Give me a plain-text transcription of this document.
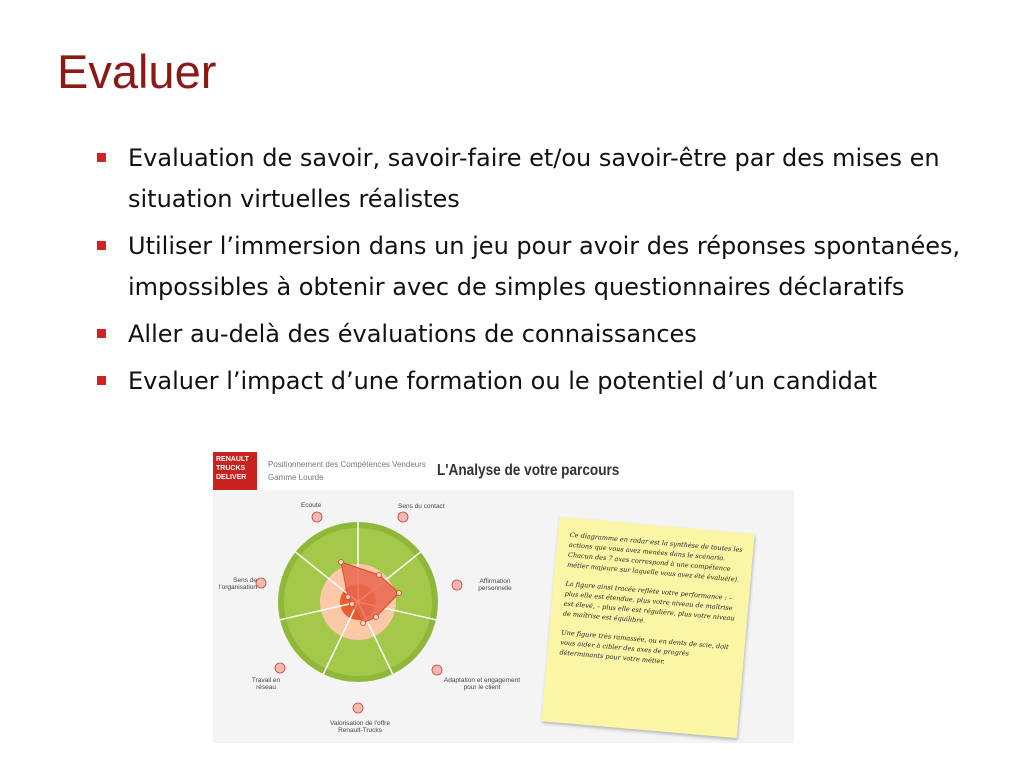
Evaluer
Evaluation de savoir, savoir-faire et/ou savoir-être par des mises en situation virtuelles réalistes
Utiliser l’immersion dans un jeu pour avoir des réponses spontanées, impossibles à obtenir avec de simples questionnaires déclaratifs
Aller au-delà des évaluations de connaissances
Evaluer l’impact d’une formation ou le potentiel d’un candidat
RENAULT
TRUCKS
DELIVER
Positionnement des Compétences Vendeurs
Gamme Lourde	L'Analyse de votre parcours
Ecoute	Sens du contact
Affirmation personnelle
Adaptation et engagement pour le client
Valorisation de l'offre Renault-Trucks
Travail en réseau
Sens de l'organisation

Ce diagramme en radar est la synthèse de toutes les actions que vous avez menées dans le scénario. Chacun des 7 axes correspond à une compétence métier majeure sur laquelle vous avez été évalué(e).

La figure ainsi tracée reflète votre performance : – plus elle est étendue, plus votre niveau de maîtrise est élevé, – plus elle est régulière, plus votre niveau de maîtrise est équilibré.

Une figure très ramassée, ou en dents de scie, doit vous aider à cibler des axes de progrès déterminants pour votre métier.
